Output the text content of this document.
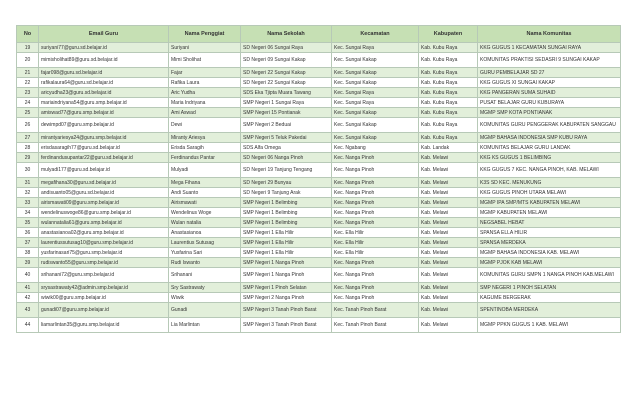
No	Email Guru	Nama Penggiat	Nama Sekolah	Kecamatan	Kabupaten	Nama Komunitas
19	suriyani77@guru.sd.belajar.id	Suriyani	SD Negeri 06 Sungai Raya	Kec. Sungai Raya	Kab. Kubu Raya	KKG GUGUS 1 KECAMATAN SUNGAI RAYA
20	mimisholihat89@guru.sd.belajar.id	Mimi Sholihat	SD Negeri 09 Sungai Kakap	Kec. Sungai Kakap	Kab. Kubu Raya	KOMUNITAS PRAKTISI SEDASRI 9 SUNGAI KAKAP
21	fajar098@guru.sd.belajar.id	Fajar	SD Negeri 22 Sungai Kakap	Kec. Sungai Kakap	Kab. Kubu Raya	GURU PEMBELAJAR SD 27
22	rafikalaura64@guru.sd.belajar.id	Rafika Laura	SD Negeri 22 Sungai Kakap	Kec. Sungai Kakap	Kab. Kubu Raya	KKG GUGUS XI SUNGAI KAKAP
23	aricyudha23@guru.sd.belajar.id	Aric Yudha	SDS Eka Tjipta Muara Tawang	Kec. Sungai Raya	Kab. Kubu Raya	KKG PANGERAN SUMA SUHAID
24	mariaindriyana54@guru.smp.belajar.id	Maria Indriyana	SMP Negeri 1 Sungai Raya	Kec. Sungai Raya	Kab. Kubu Raya	PUSAT BELAJAR GURU KUBURAYA
25	amiswad77@guru.smp.belajar.id	Ami Aswad	SMP Negeri 15 Pontianak	Kec. Sungai Kakap	Kab. Kubu Raya	MGMP SMP KOTA PONTIANAK
26	dewimpd07@guru.smp.belajar.id	Dewi	SMP Negeri 2 Beduai	Kec. Sungai Kakap	Kab. Kubu Raya	KOMUNITAS GURU PENGGERAK KABUPATEN SANGGAU
27	mirantyariesya24@guru.smp.belajar.id	Miranty Ariesya	SMP Negeri 5 Teluk Pakedai	Kec. Sungai Kakap	Kab. Kubu Raya	MGMP BAHASA INDONESIA SMP KUBU RAYA
28	erisdasaragih77@guru.sd.belajar.id	Erisda Saragih	SDS Alfa Omega	Kec. Ngabang	Kab. Landak	KOMUNITAS BELAJAR GURU LANDAK
29	ferdinandusupantar22@guru.sd.belajar.id	Ferdinandus Pantar	SD Negeri 06 Nanga Pinoh	Kec. Nanga Pinoh	Kab. Melawi	KKG KS GUGUS 1 BELIMBING
30	mulyadi177@guru.sd.belajar.id	Mulyadi	SD Negeri 19 Tanjung Tengang	Kec. Nanga Pinoh	Kab. Melawi	KKG GUGUS 7 KEC. NANGA PINOH, KAB. MELAWI
31	megafihana30@guru.sd.belajar.id	Mega Fihana	SD Negeri 29 Bunyau	Kec. Nanga Pinoh	Kab. Melawi	K3S SD KEC. MENUKUNG
32	andisuanto05@guru.sd.belajar.id	Andi Suanto	SD Negeri 9 Tanjung Arak	Kec. Nanga Pinoh	Kab. Melawi	KKG GUGUS PINOH UTARA MELAWI
33	airismawati09@guru.smp.belajar.id	Airismawati	SMP Negeri 1 Belimbing	Kec. Nanga Pinoh	Kab. Melawi	MGMP IPA SMP/MTS KABUPATEN MELAWI
34	wendelinuswoge86@guru.smp.belajar.id	Wendelinus Woge	SMP Negeri 1 Belimbing	Kec. Nanga Pinoh	Kab. Melawi	MGMP KABUPATEN MELAWI
35	wulannatalia61@guru.smp.belajar.id	Wulan natalia	SMP Negeri 1 Belimbing	Kec. Nanga Pinoh	Kab. Melawi	NEGSABEL HEBAT
36	anastasianoa02@guru.smp.belajar.id	Anastasianoa	SMP Negeri 1 Ella Hilir	Kec. Ella Hilir	Kab. Melawi	SPANSA ELLA HILIR
37	laurentiussutusag10@guru.smp.belajar.id	Laurentius Sutusag	SMP Negeri 1 Ella Hilir	Kec. Ella Hilir	Kab. Melawi	SPANSA MERDEKA
38	yusfarinasari75@guru.smp.belajar.id	Yusfarina Sari	SMP Negeri 1 Ella Hilir	Kec. Ella Hilir	Kab. Melawi	MGMP BAHASA INDONESIA KAB. MELAWI
39	rudiswanto55@guru.smp.belajar.id	Rudi Iswanto	SMP Negeri 1 Nanga Pinoh	Kec. Nanga Pinoh	Kab. Melawi	MGMP PJOK KAB MELAWI
40	srihanani72@guru.smp.belajar.id	Srihanani	SMP Negeri 1 Nanga Pinoh	Kec. Nanga Pinoh	Kab. Melawi	KOMUNITAS GURU SMPN 1 NANGA PINOH KAB.MELAWI
41	srysastrawaty42@admin.smp.belajar.id	Sry Sastrawaty	SMP Negeri 1 Pinoh Selatan	Kec. Nanga Pinoh	Kab. Melawi	SMP NEGERI 1 PINOH SELATAN
42	wiwik00@guru.smp.belajar.id	Wiwik	SMP Negeri 2 Nanga Pinoh	Kec. Nanga Pinoh	Kab. Melawi	KAGUME BERGERAK
43	gunadi07@guru.smp.belajar.id	Gunadi	SMP Negeri 3 Tanah Pinoh Barat	Kec. Tanah Pinoh Barat	Kab. Melawi	SPENTINOBA MERDEKA
44	liamarlintan35@guru.smp.belajar.id	Lia Marlintan	SMP Negeri 3 Tanah Pinoh Barat	Kec. Tanah Pinoh Barat	Kab. Melawi	MGMP PPKN GUGUS 1 KAB. MELAWI
